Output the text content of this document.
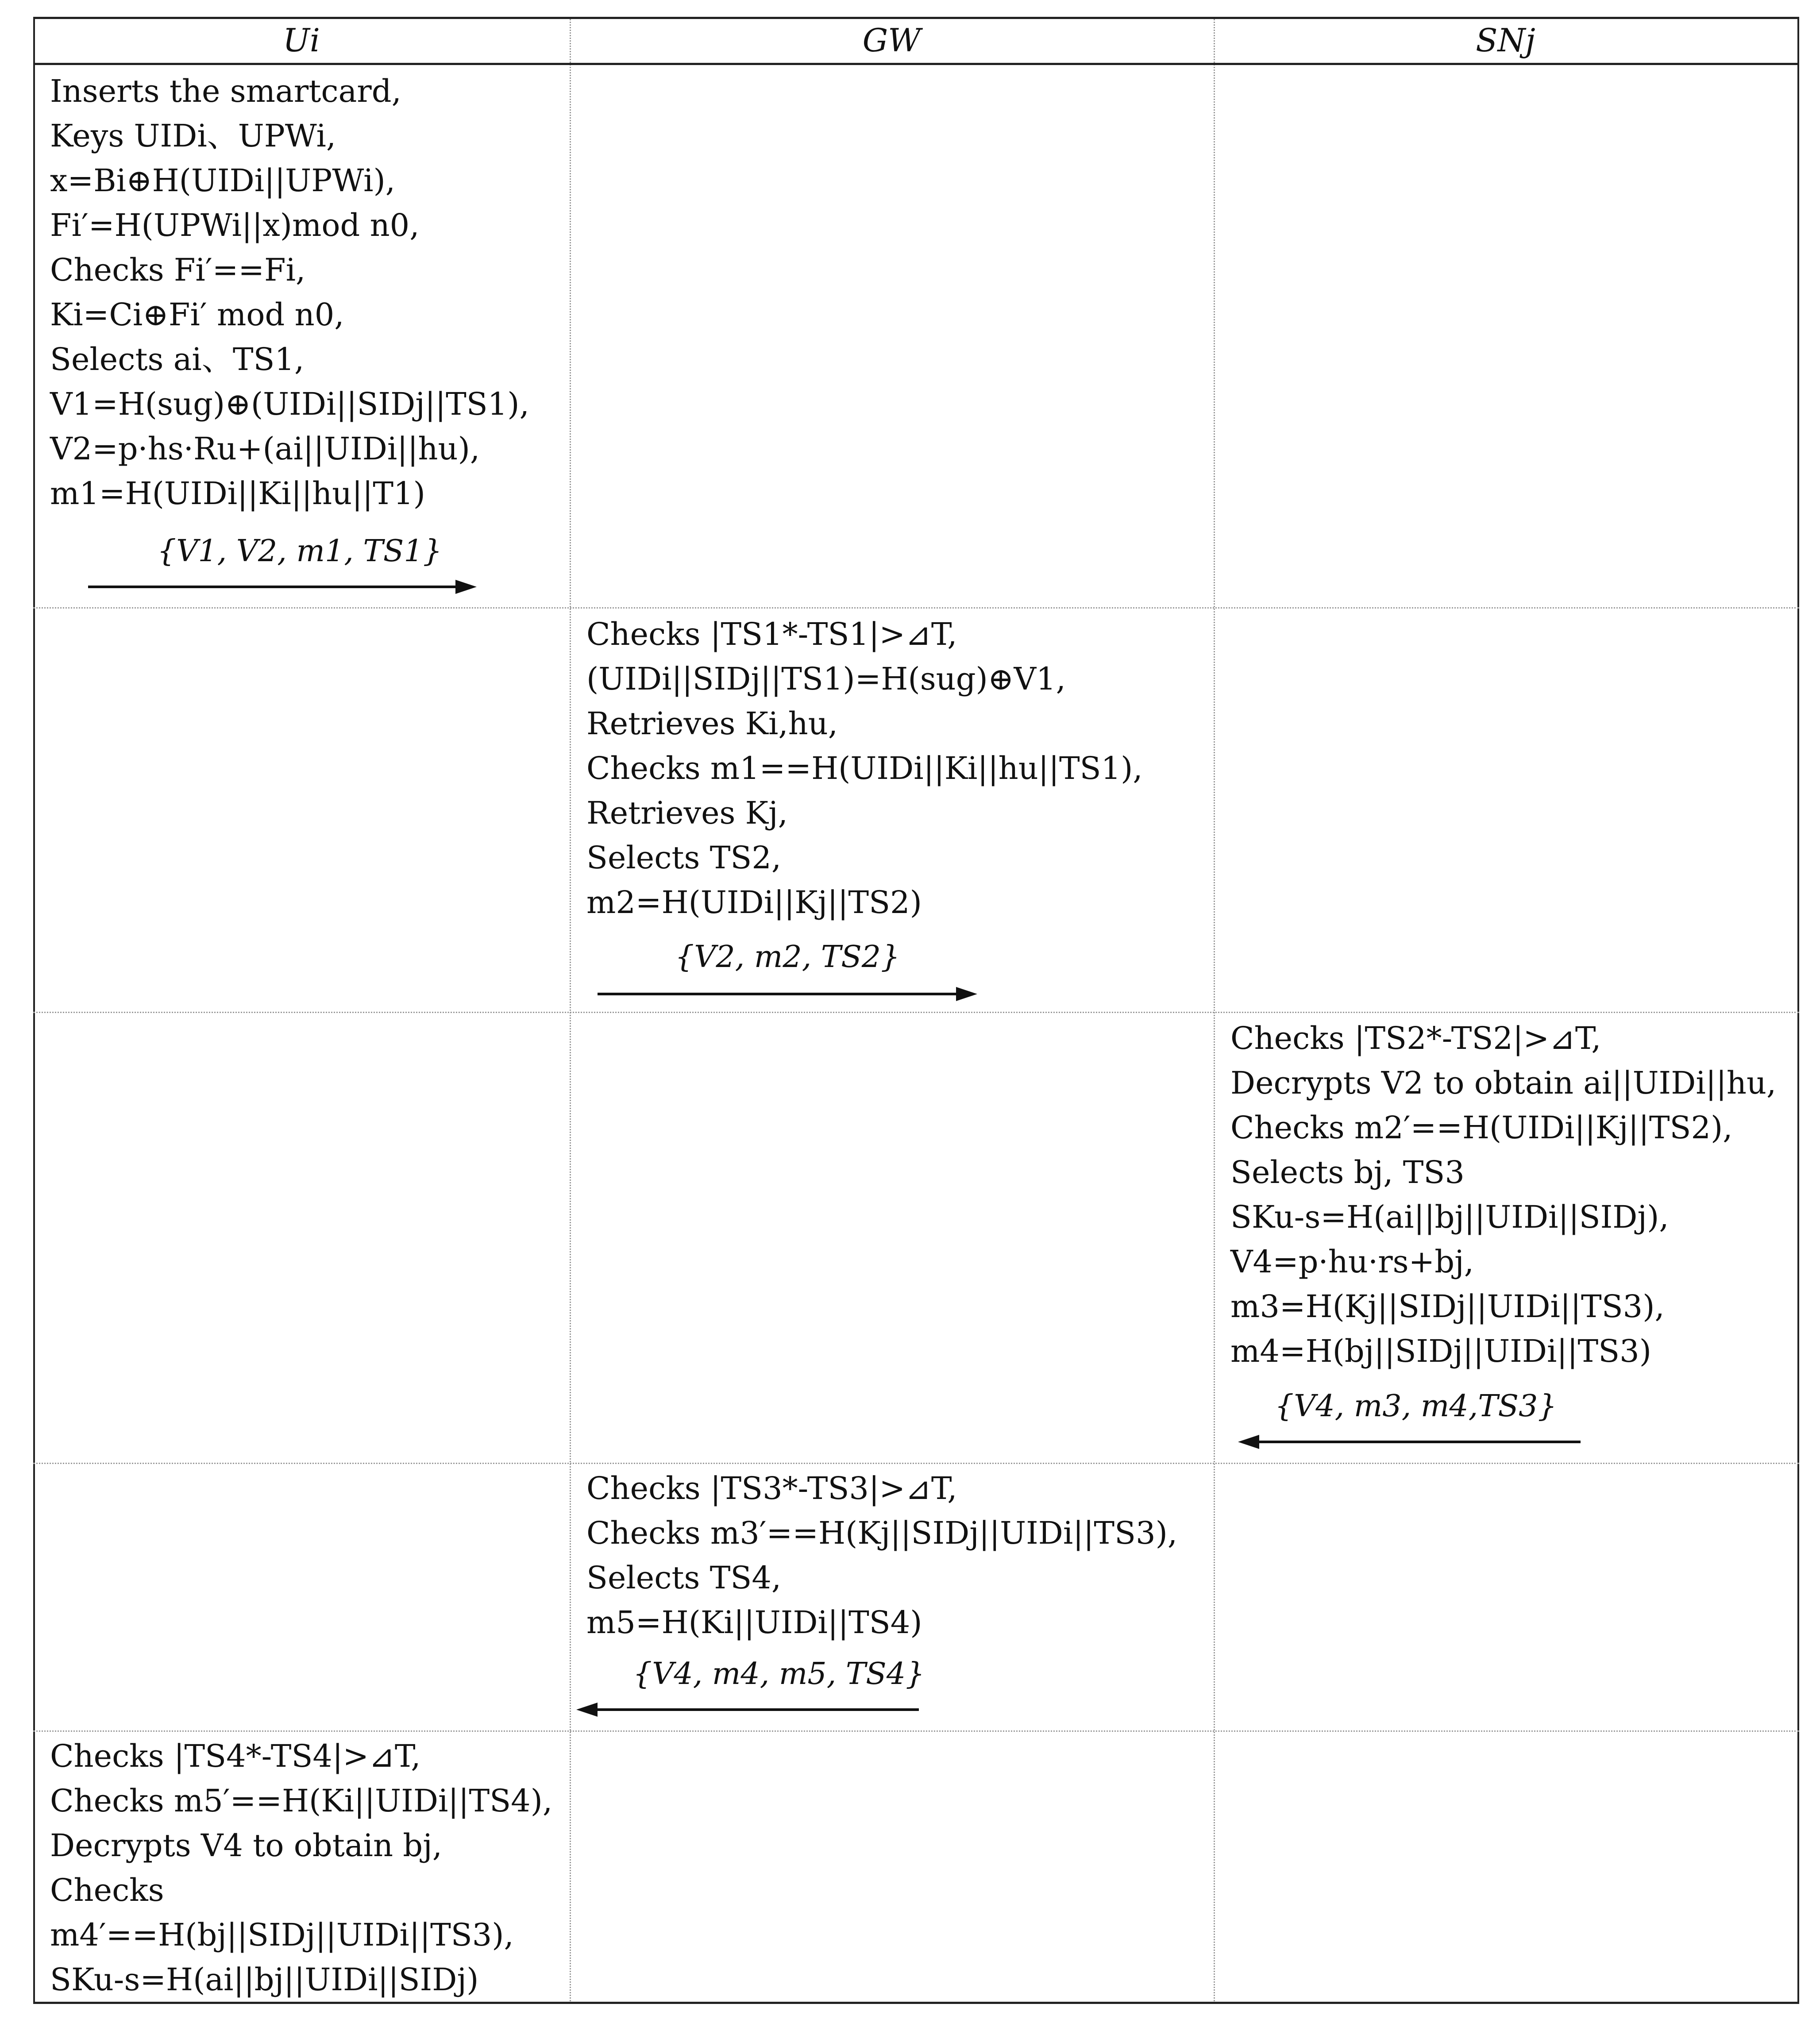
Ui	GW	SNj
Inserts the smartcard,
Keys UIDi、UPWi,
x=Bi⊕H(UIDi||UPWi),
Fi′=H(UPWi||x)mod n0,
Checks Fi′==Fi,
Ki=Ci⊕Fi′ mod n0,
Selects ai、TS1,
V1=H(sug)⊕(UIDi||SIDj||TS1),
V2=p·hs·Ru+(ai||UIDi||hu),
m1=H(UIDi||Ki||hu||T1)
{V1, V2, m1, TS1}
Checks |TS1*-TS1|>⊿T,
(UIDi||SIDj||TS1)=H(sug)⊕V1,
Retrieves Ki,hu,
Checks m1==H(UIDi||Ki||hu||TS1),
Retrieves Kj,
Selects TS2,
m2=H(UIDi||Kj||TS2)
{V2, m2, TS2}
Checks |TS2*-TS2|>⊿T,
Decrypts V2 to obtain ai||UIDi||hu,
Checks m2′==H(UIDi||Kj||TS2),
Selects bj, TS3
SKu-s=H(ai||bj||UIDi||SIDj),
V4=p·hu·rs+bj,
m3=H(Kj||SIDj||UIDi||TS3),
m4=H(bj||SIDj||UIDi||TS3)
{V4, m3, m4,TS3}
Checks |TS3*-TS3|>⊿T,
Checks m3′==H(Kj||SIDj||UIDi||TS3),
Selects TS4,
m5=H(Ki||UIDi||TS4)
{V4, m4, m5, TS4}
Checks |TS4*-TS4|>⊿T,
Checks m5′==H(Ki||UIDi||TS4),
Decrypts V4 to obtain bj,
Checks
m4′==H(bj||SIDj||UIDi||TS3),
SKu-s=H(ai||bj||UIDi||SIDj)
